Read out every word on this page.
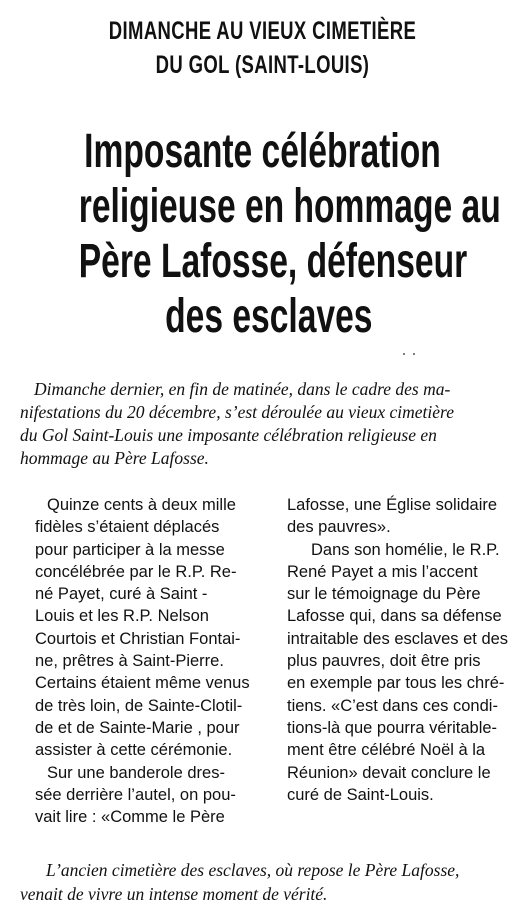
DIMANCHE AU VIEUX CIMETIÈRE
DU GOL (SAINT-LOUIS)
Imposante célébration
religieuse en hommage au
Père Lafosse, défenseur
des esclaves
Dimanche dernier, en fin de matinée, dans le cadre des ma-
nifestations du 20 décembre, s’est déroulée au vieux cimetière
du Gol Saint-Louis une imposante célébration religieuse en
hommage au Père Lafosse.
Quinze cents à deux mille
fidèles s’étaient déplacés
pour participer à la messe
concélébrée par le R.P. Re-
né Payet, curé à Saint -
Louis et les R.P. Nelson
Courtois et Christian Fontai-
ne, prêtres à Saint-Pierre.
Certains étaient même venus
de très loin, de Sainte-Clotil-
de et de Sainte-Marie , pour
assister à cette cérémonie.
Sur une banderole dres-
sée derrière l’autel, on pou-
vait lire : «Comme le Père
Lafosse, une Église solidaire
des pauvres».
Dans son homélie, le R.P.
René Payet a mis l’accent
sur le témoignage du Père
Lafosse qui, dans sa défense
intraitable des esclaves et des
plus pauvres, doit être pris
en exemple par tous les chré-
tiens. «C’est dans ces condi-
tions-là que pourra véritable-
ment être célébré Noël à la
Réunion» devait conclure le
curé de Saint-Louis.
L’ancien cimetière des esclaves, où repose le Père Lafosse,
venait de vivre un intense moment de vérité.
